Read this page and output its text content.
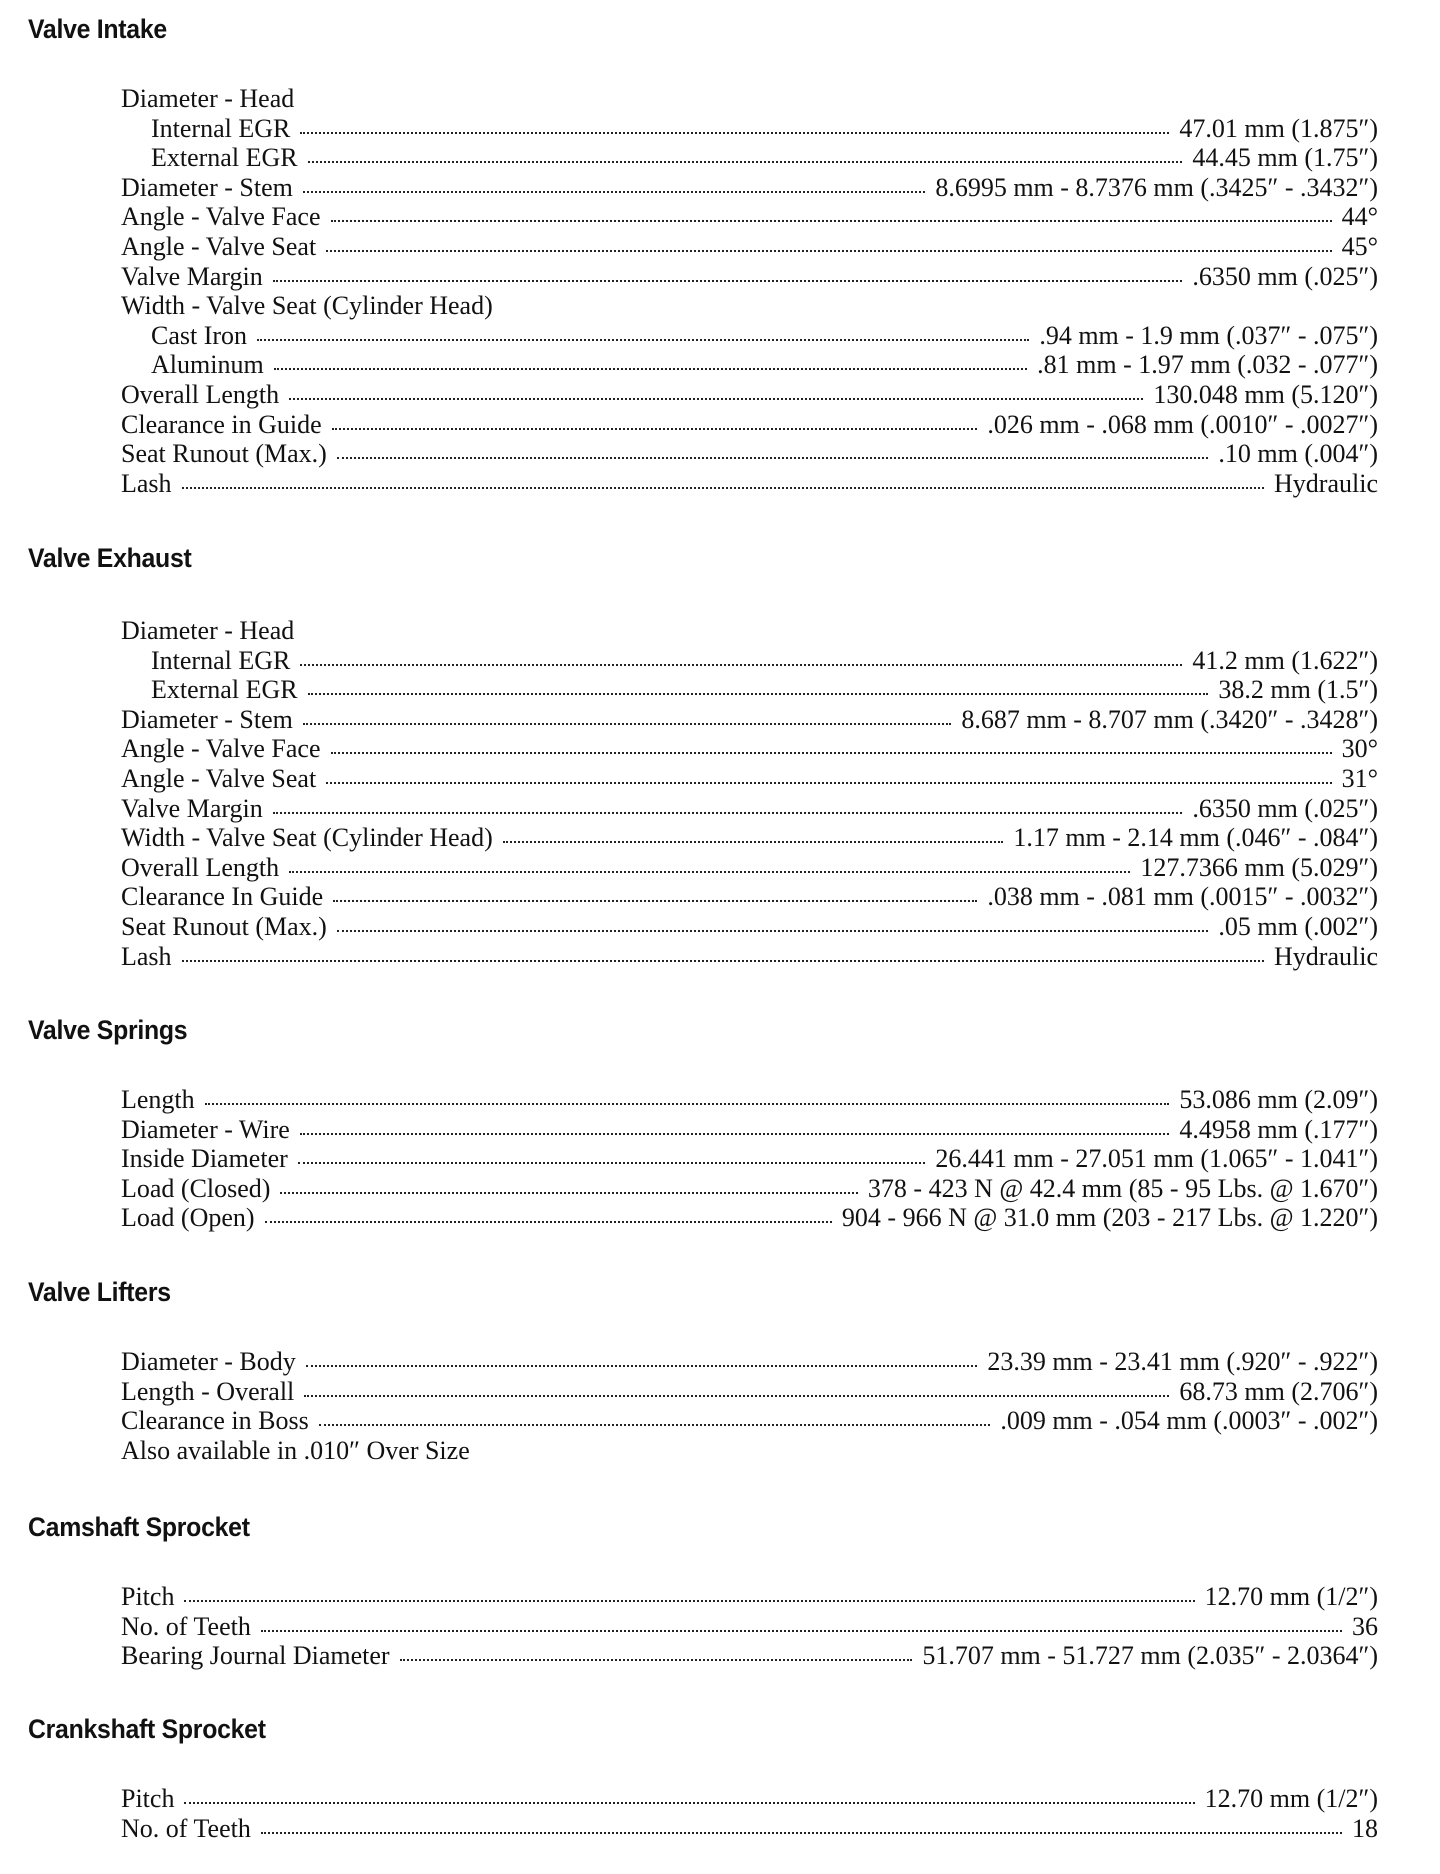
Valve Intake
Diameter - Head
Internal EGR	47.01 mm (1.875″)
External EGR	44.45 mm (1.75″)
Diameter - Stem	8.6995 mm - 8.7376 mm (.3425″ - .3432″)
Angle - Valve Face	44°
Angle - Valve Seat	45°
Valve Margin	.6350 mm (.025″)
Width - Valve Seat (Cylinder Head)
Cast Iron	.94 mm - 1.9 mm (.037″ - .075″)
Aluminum	.81 mm - 1.97 mm (.032 - .077″)
Overall Length	130.048 mm (5.120″)
Clearance in Guide	.026 mm - .068 mm (.0010″ - .0027″)
Seat Runout (Max.)	.10 mm (.004″)
Lash	Hydraulic
Valve Exhaust
Diameter - Head
Internal EGR	41.2 mm (1.622″)
External EGR	38.2 mm (1.5″)
Diameter - Stem	8.687 mm - 8.707 mm (.3420″ - .3428″)
Angle - Valve Face	30°
Angle - Valve Seat	31°
Valve Margin	.6350 mm (.025″)
Width - Valve Seat (Cylinder Head)	1.17 mm - 2.14 mm (.046″ - .084″)
Overall Length	127.7366 mm (5.029″)
Clearance In Guide	.038 mm - .081 mm (.0015″ - .0032″)
Seat Runout (Max.)	.05 mm (.002″)
Lash	Hydraulic
Valve Springs
Length	53.086 mm (2.09″)
Diameter - Wire	4.4958 mm (.177″)
Inside Diameter	26.441 mm - 27.051 mm (1.065″ - 1.041″)
Load (Closed)	378 - 423 N @ 42.4 mm (85 - 95 Lbs. @ 1.670″)
Load (Open)	904 - 966 N @ 31.0 mm (203 - 217 Lbs. @ 1.220″)
Valve Lifters
Diameter - Body	23.39 mm - 23.41 mm (.920″ - .922″)
Length - Overall	68.73 mm (2.706″)
Clearance in Boss	.009 mm - .054 mm (.0003″ - .002″)
Also available in .010″ Over Size
Camshaft Sprocket
Pitch	12.70 mm (1/2″)
No. of Teeth	36
Bearing Journal Diameter	51.707 mm - 51.727 mm (2.035″ - 2.0364″)
Crankshaft Sprocket
Pitch	12.70 mm (1/2″)
No. of Teeth	18
